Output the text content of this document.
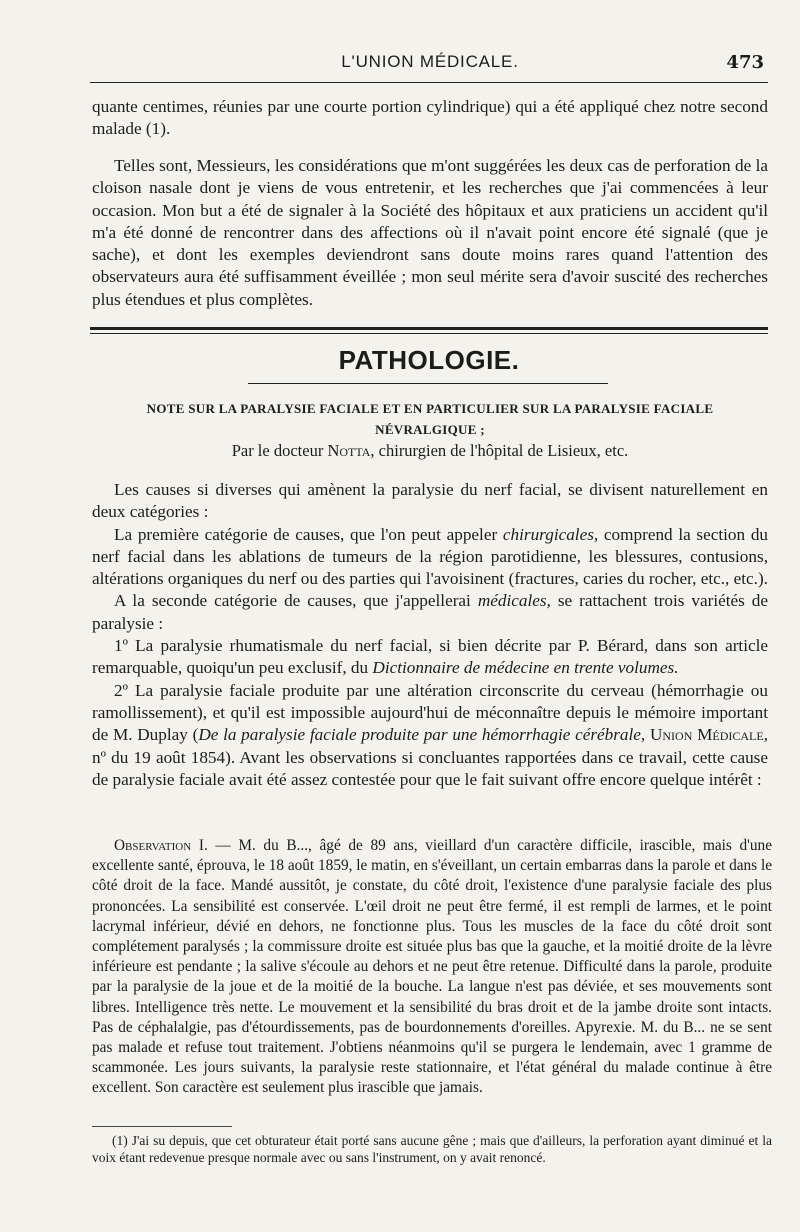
L'UNION MÉDICALE.	473

quante centimes, réunies par une courte portion cylindrique) qui a été appliqué chez notre second malade (1).

Telles sont, Messieurs, les considérations que m'ont suggérées les deux cas de perforation de la cloison nasale dont je viens de vous entretenir, et les recherches que j'ai commencées à leur occasion. Mon but a été de signaler à la Société des hôpitaux et aux praticiens un accident qu'il m'a été donné de rencontrer dans des affections où il n'avait point encore été signalé (que je sache), et dont les exemples deviendront sans doute moins rares quand l'attention des observateurs aura été suffisamment éveillée ; mon seul mérite sera d'avoir suscité des recherches plus étendues et plus complètes.

PATHOLOGIE.
NOTE SUR LA PARALYSIE FACIALE ET EN PARTICULIER SUR LA PARALYSIE FACIALE
NÉVRALGIQUE ;
Par le docteur Notta, chirurgien de l'hôpital de Lisieux, etc.

Les causes si diverses qui amènent la paralysie du nerf facial, se divisent naturellement en deux catégories :

La première catégorie de causes, que l'on peut appeler chirurgicales, comprend la section du nerf facial dans les ablations de tumeurs de la région parotidienne, les blessures, contusions, altérations organiques du nerf ou des parties qui l'avoisinent (fractures, caries du rocher, etc., etc.).

A la seconde catégorie de causes, que j'appellerai médicales, se rattachent trois variétés de paralysie :

1º La paralysie rhumatismale du nerf facial, si bien décrite par P. Bérard, dans son article remarquable, quoiqu'un peu exclusif, du Dictionnaire de médecine en trente volumes.

2º La paralysie faciale produite par une altération circonscrite du cerveau (hémorrhagie ou ramollissement), et qu'il est impossible aujourd'hui de méconnaître depuis le mémoire important de M. Duplay (De la paralysie faciale produite par une hémorrhagie cérébrale, Union Médicale, nº du 19 août 1854). Avant les observations si concluantes rapportées dans ce travail, cette cause de paralysie faciale avait été assez contestée pour que le fait suivant offre encore quelque intérêt :

Observation I. — M. du B..., âgé de 89 ans, vieillard d'un caractère difficile, irascible, mais d'une excellente santé, éprouva, le 18 août 1859, le matin, en s'éveillant, un certain embarras dans la parole et dans le côté droit de la face. Mandé aussitôt, je constate, du côté droit, l'existence d'une paralysie faciale des plus prononcées. La sensibilité est conservée. L'œil droit ne peut être fermé, il est rempli de larmes, et le point lacrymal inférieur, dévié en dehors, ne fonctionne plus. Tous les muscles de la face du côté droit sont complétement paralysés ; la commissure droite est située plus bas que la gauche, et la moitié droite de la lèvre inférieure est pendante ; la salive s'écoule au dehors et ne peut être retenue. Difficulté dans la parole, produite par la paralysie de la joue et de la moitié de la bouche. La langue n'est pas déviée, et ses mouvements sont libres. Intelligence très nette. Le mouvement et la sensibilité du bras droit et de la jambe droite sont intacts. Pas de céphalalgie, pas d'étourdissements, pas de bourdonnements d'oreilles. Apyrexie. M. du B... ne se sent pas malade et refuse tout traitement. J'obtiens néanmoins qu'il se purgera le lendemain, avec 1 gramme de scammonée. Les jours suivants, la paralysie reste stationnaire, et l'état général du malade continue à être excellent. Son caractère est seulement plus irascible que jamais.

(1) J'ai su depuis, que cet obturateur était porté sans aucune gêne ; mais que d'ailleurs, la perforation ayant diminué et la voix étant redevenue presque normale avec ou sans l'instrument, on y avait renoncé.
